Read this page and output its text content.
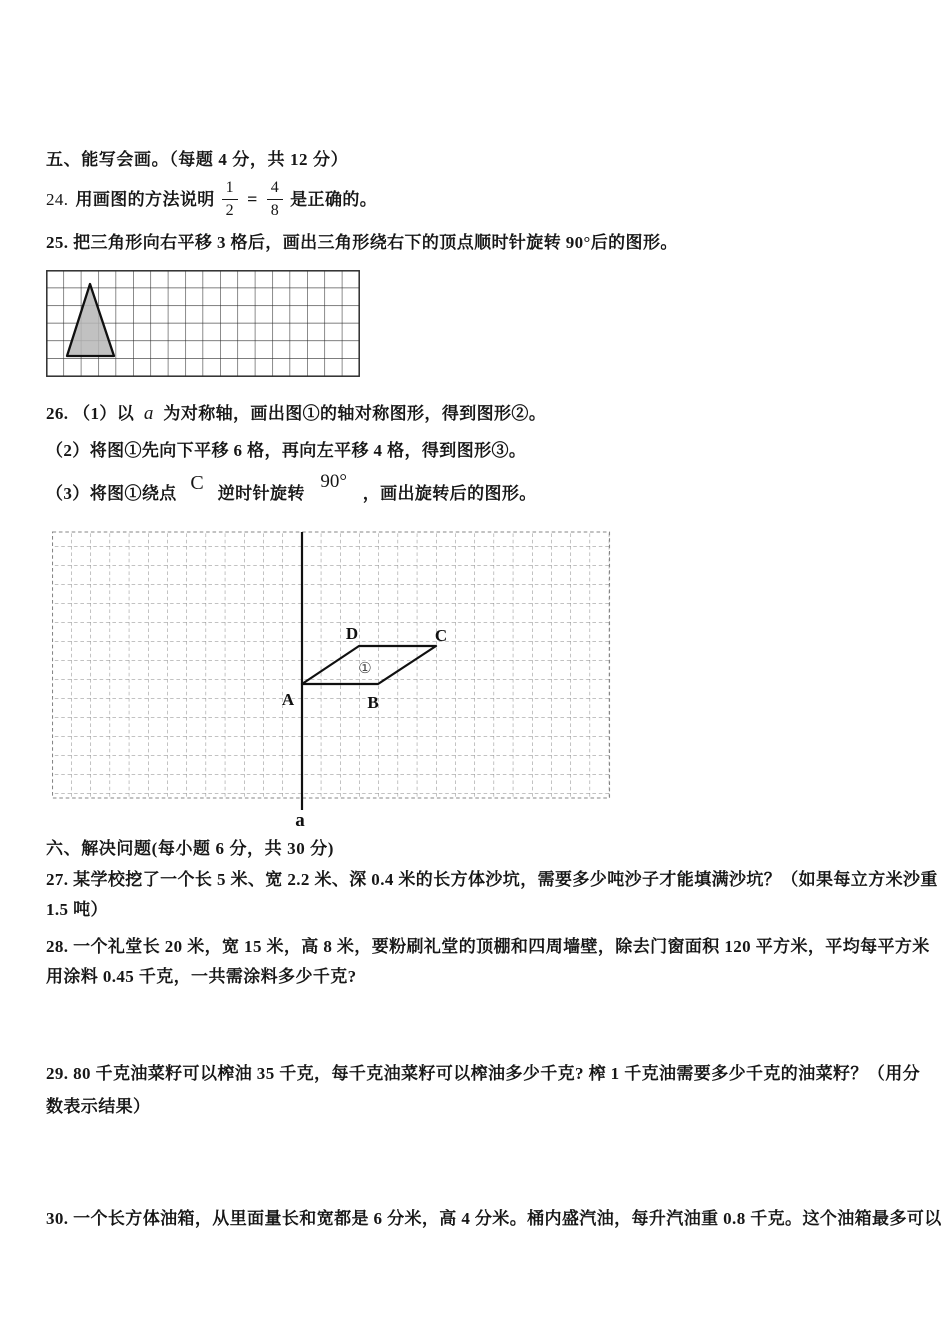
五、能写会画。（每题 4 分，共 12 分）
24. 用画图的方法说明 $\frac{1}{2} = \frac{4}{8}$ 是正确的。
25. 把三角形向右平移 3 格后，画出三角形绕右下的顶点顺时针旋转 90°后的图形。
26. （1）以 a 为对称轴，画出图①的轴对称图形，得到图形②。
（2）将图①先向下平移 6 格，再向左平移 4 格，得到图形③。
（3）将图①绕点 C 逆时针旋转 90° ，画出旋转后的图形。
A	B
C
D
①
a
六、解决问题(每小题 6 分，共 30 分)
27. 某学校挖了一个长 5 米、宽 2.2 米、深 0.4 米的长方体沙坑，需要多少吨沙子才能填满沙坑？（如果每立方米沙重
1.5 吨）
28. 一个礼堂长 20 米，宽 15 米，高 8 米，要粉刷礼堂的顶棚和四周墙壁，除去门窗面积 120 平方米，平均每平方米
用涂料 0.45 千克，一共需涂料多少千克?
29. 80 千克油菜籽可以榨油 35 千克，每千克油菜籽可以榨油多少千克? 榨 1 千克油需要多少千克的油菜籽？（用分
数表示结果）
30. 一个长方体油箱，从里面量长和宽都是 6 分米，高 4 分米。桶内盛汽油，每升汽油重 0.8 千克。这个油箱最多可以
